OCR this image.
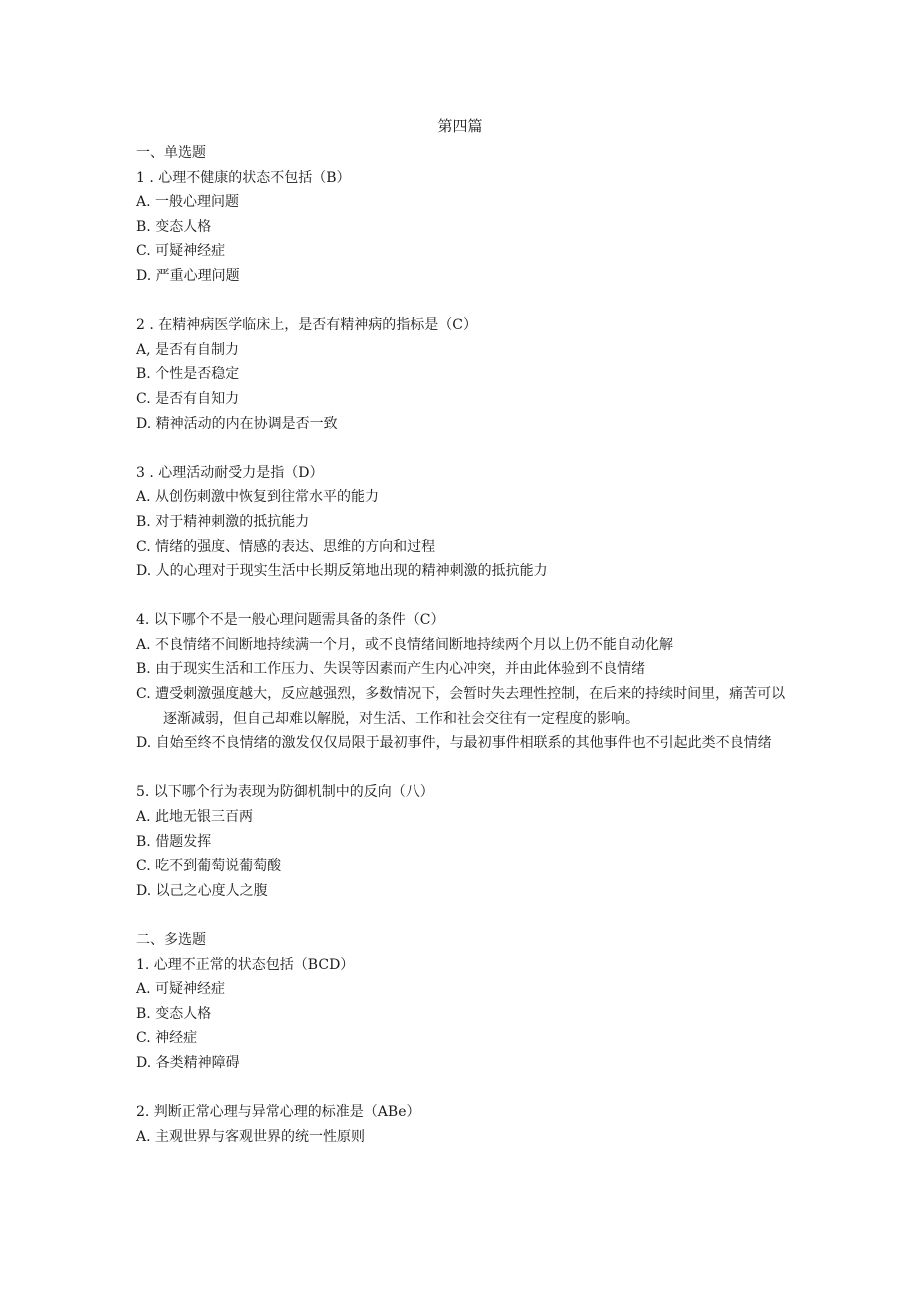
第四篇
一、单选题
1 . 心理不健康的状态不包括（B）
A. 一般心理问题
B. 变态人格
C. 可疑神经症
D. 严重心理问题
2 . 在精神病医学临床上，是否有精神病的指标是（C）
A, 是否有自制力
B. 个性是否稳定
C. 是否有自知力
D. 精神活动的内在协调是否一致
3 . 心理活动耐受力是指（D）
A. 从创伤刺激中恢复到往常水平的能力
B. 对于精神刺激的抵抗能力
C. 情绪的强度、情感的表达、思维的方向和过程
D. 人的心理对于现实生活中长期反第地出现的精神刺激的抵抗能力
4. 以下哪个不是一般心理问题需具备的条件（C）
A. 不良情绪不间断地持续满一个月，或不良情绪间断地持续两个月以上仍不能自动化解
B. 由于现实生活和工作压力、失误等因素而产生内心冲突，并由此体验到不良情绪
C. 遭受刺激强度越大，反应越强烈，多数情况下，会暂时失去理性控制，在后来的持续时间里，痛苦可以逐渐减弱，但自己却难以解脱，对生活、工作和社会交往有一定程度的影响。
D. 自始至终不良情绪的激发仅仅局限于最初事件，与最初事件相联系的其他事件也不引起此类不良情绪
5. 以下哪个行为表现为防御机制中的反向（八）
A. 此地无银三百两
B. 借题发挥
C. 吃不到葡萄说葡萄酸
D. 以己之心度人之腹
二、多选题
1. 心理不正常的状态包括（BCD）
A. 可疑神经症
B. 变态人格
C. 神经症
D. 各类精神障碍
2. 判断正常心理与异常心理的标准是（ABe）
A. 主观世界与客观世界的统一性原则
